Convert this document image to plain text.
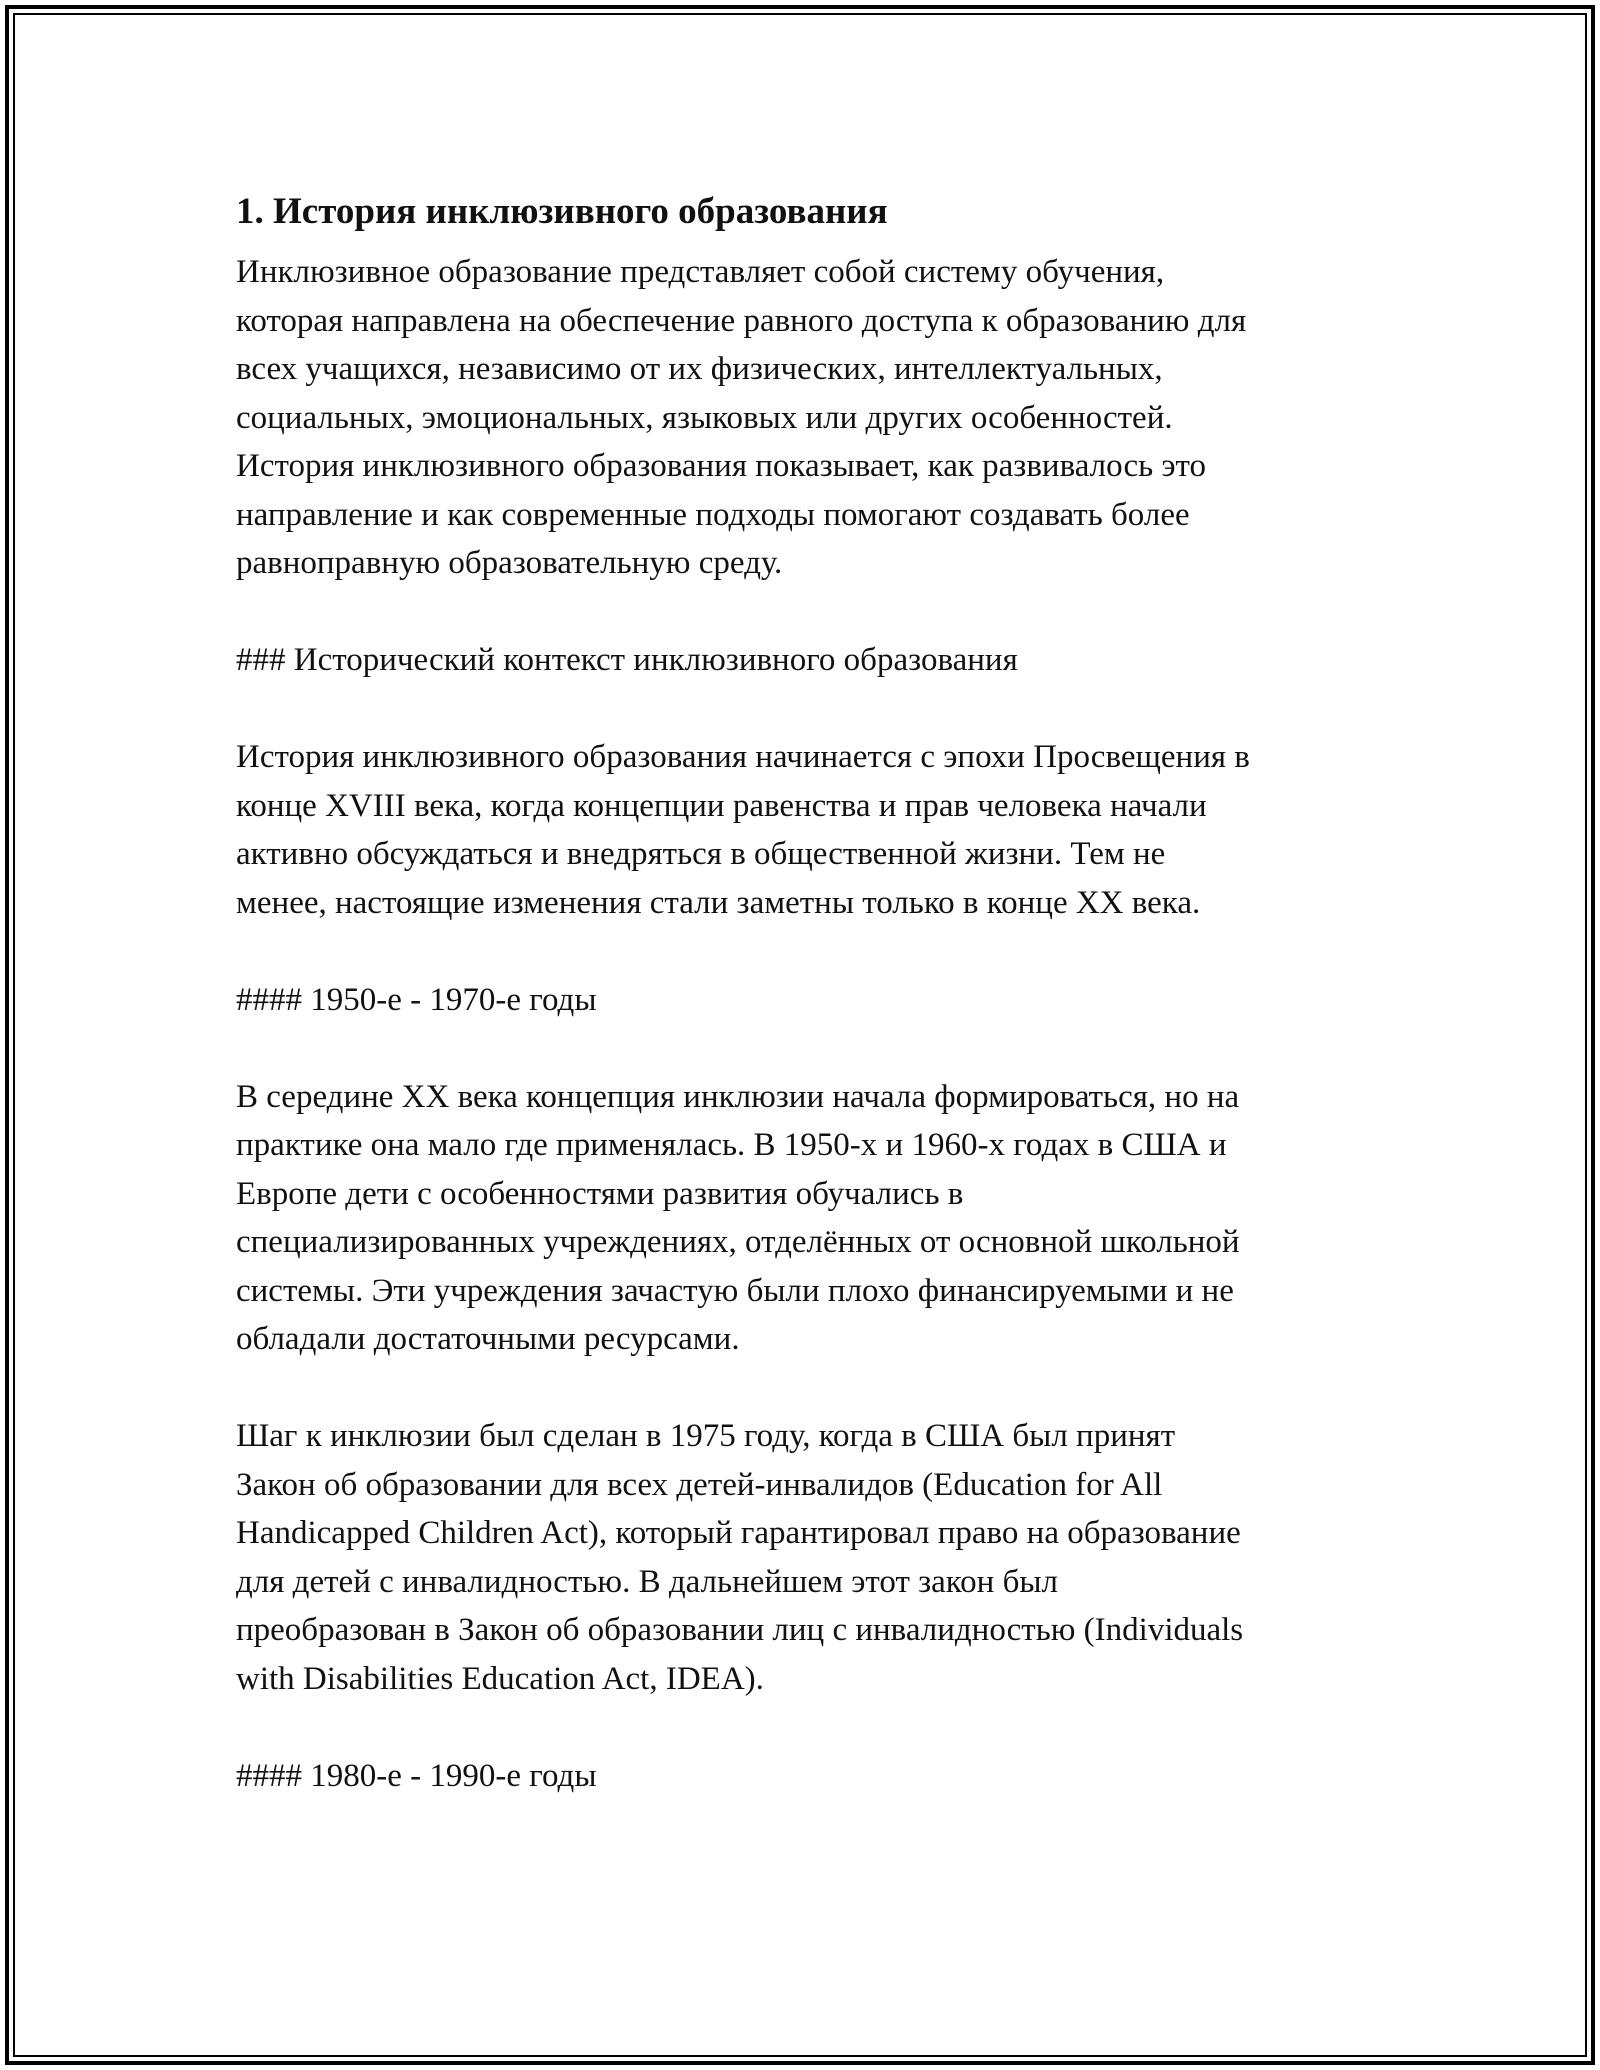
1. История инклюзивного образования
Инклюзивное образование представляет собой систему обучения,
которая направлена на обеспечение равного доступа к образованию для
всех учащихся, независимо от их физических, интеллектуальных,
социальных, эмоциональных, языковых или других особенностей.
История инклюзивного образования показывает, как развивалось это
направление и как современные подходы помогают создавать более
равноправную образовательную среду.
### Исторический контекст инклюзивного образования
История инклюзивного образования начинается с эпохи Просвещения в
конце XVIII века, когда концепции равенства и прав человека начали
активно обсуждаться и внедряться в общественной жизни. Тем не
менее, настоящие изменения стали заметны только в конце XX века.
#### 1950-е - 1970-е годы
В середине XX века концепция инклюзии начала формироваться, но на
практике она мало где применялась. В 1950-х и 1960-х годах в США и
Европе дети с особенностями развития обучались в
специализированных учреждениях, отделённых от основной школьной
системы. Эти учреждения зачастую были плохо финансируемыми и не
обладали достаточными ресурсами.
Шаг к инклюзии был сделан в 1975 году, когда в США был принят
Закон об образовании для всех детей-инвалидов (Education for All
Handicapped Children Act), который гарантировал право на образование
для детей с инвалидностью. В дальнейшем этот закон был
преобразован в Закон об образовании лиц с инвалидностью (Individuals
with Disabilities Education Act, IDEA).
#### 1980-е - 1990-е годы
